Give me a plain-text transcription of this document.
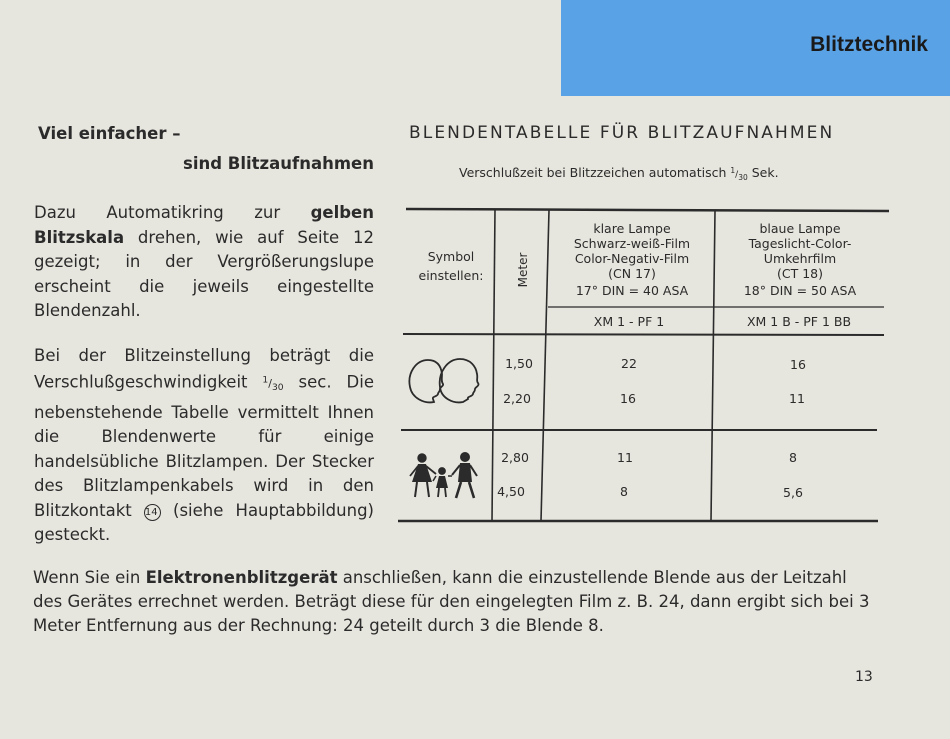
Blitztechnik
Viel einfacher –
sind Blitzaufnahmen
Dazu Automatikring zur gelben Blitzskala drehen, wie auf Seite 12 gezeigt; in der Vergrößerungslupe erscheint die jeweils eingestellte Blendenzahl.
Bei der Blitzeinstellung beträgt die Verschlußgeschwindigkeit $^1/_{30}$ sec. Die nebenstehende Tabelle vermittelt Ihnen die Blendenwerte für einige handelsübliche Blitzlampen. Der Stecker des Blitzlampenkabels wird in den Blitzkontakt 14 (siehe Hauptabbildung) gesteckt.
BLENDENTABELLE FÜR BLITZAUFNAHMEN
Verschlußzeit bei Blitzzeichen automatisch $^1/_{30}$ Sek.
Symbol
einstellen:	Meter
klare Lampe
Schwarz-weiß-Film
Color-Negativ-Film
(CN 17)
17° DIN = 40 ASA
blaue Lampe
Tageslicht-Color-
Umkehrfilm
(CT 18)
18° DIN = 50 ASA
XM 1 - PF 1	XM 1 B - PF 1 BB
1,50	22	16
2,20	16	11
2,80	11	8
4,50	8	5,6
Wenn Sie ein Elektronenblitzgerät anschließen, kann die einzustellende Blende aus der Leitzahl des Gerätes errechnet werden. Beträgt diese für den eingelegten Film z. B. 24, dann ergibt sich bei 3 Meter Entfernung aus der Rechnung: 24 geteilt durch 3 die Blende 8.
13
